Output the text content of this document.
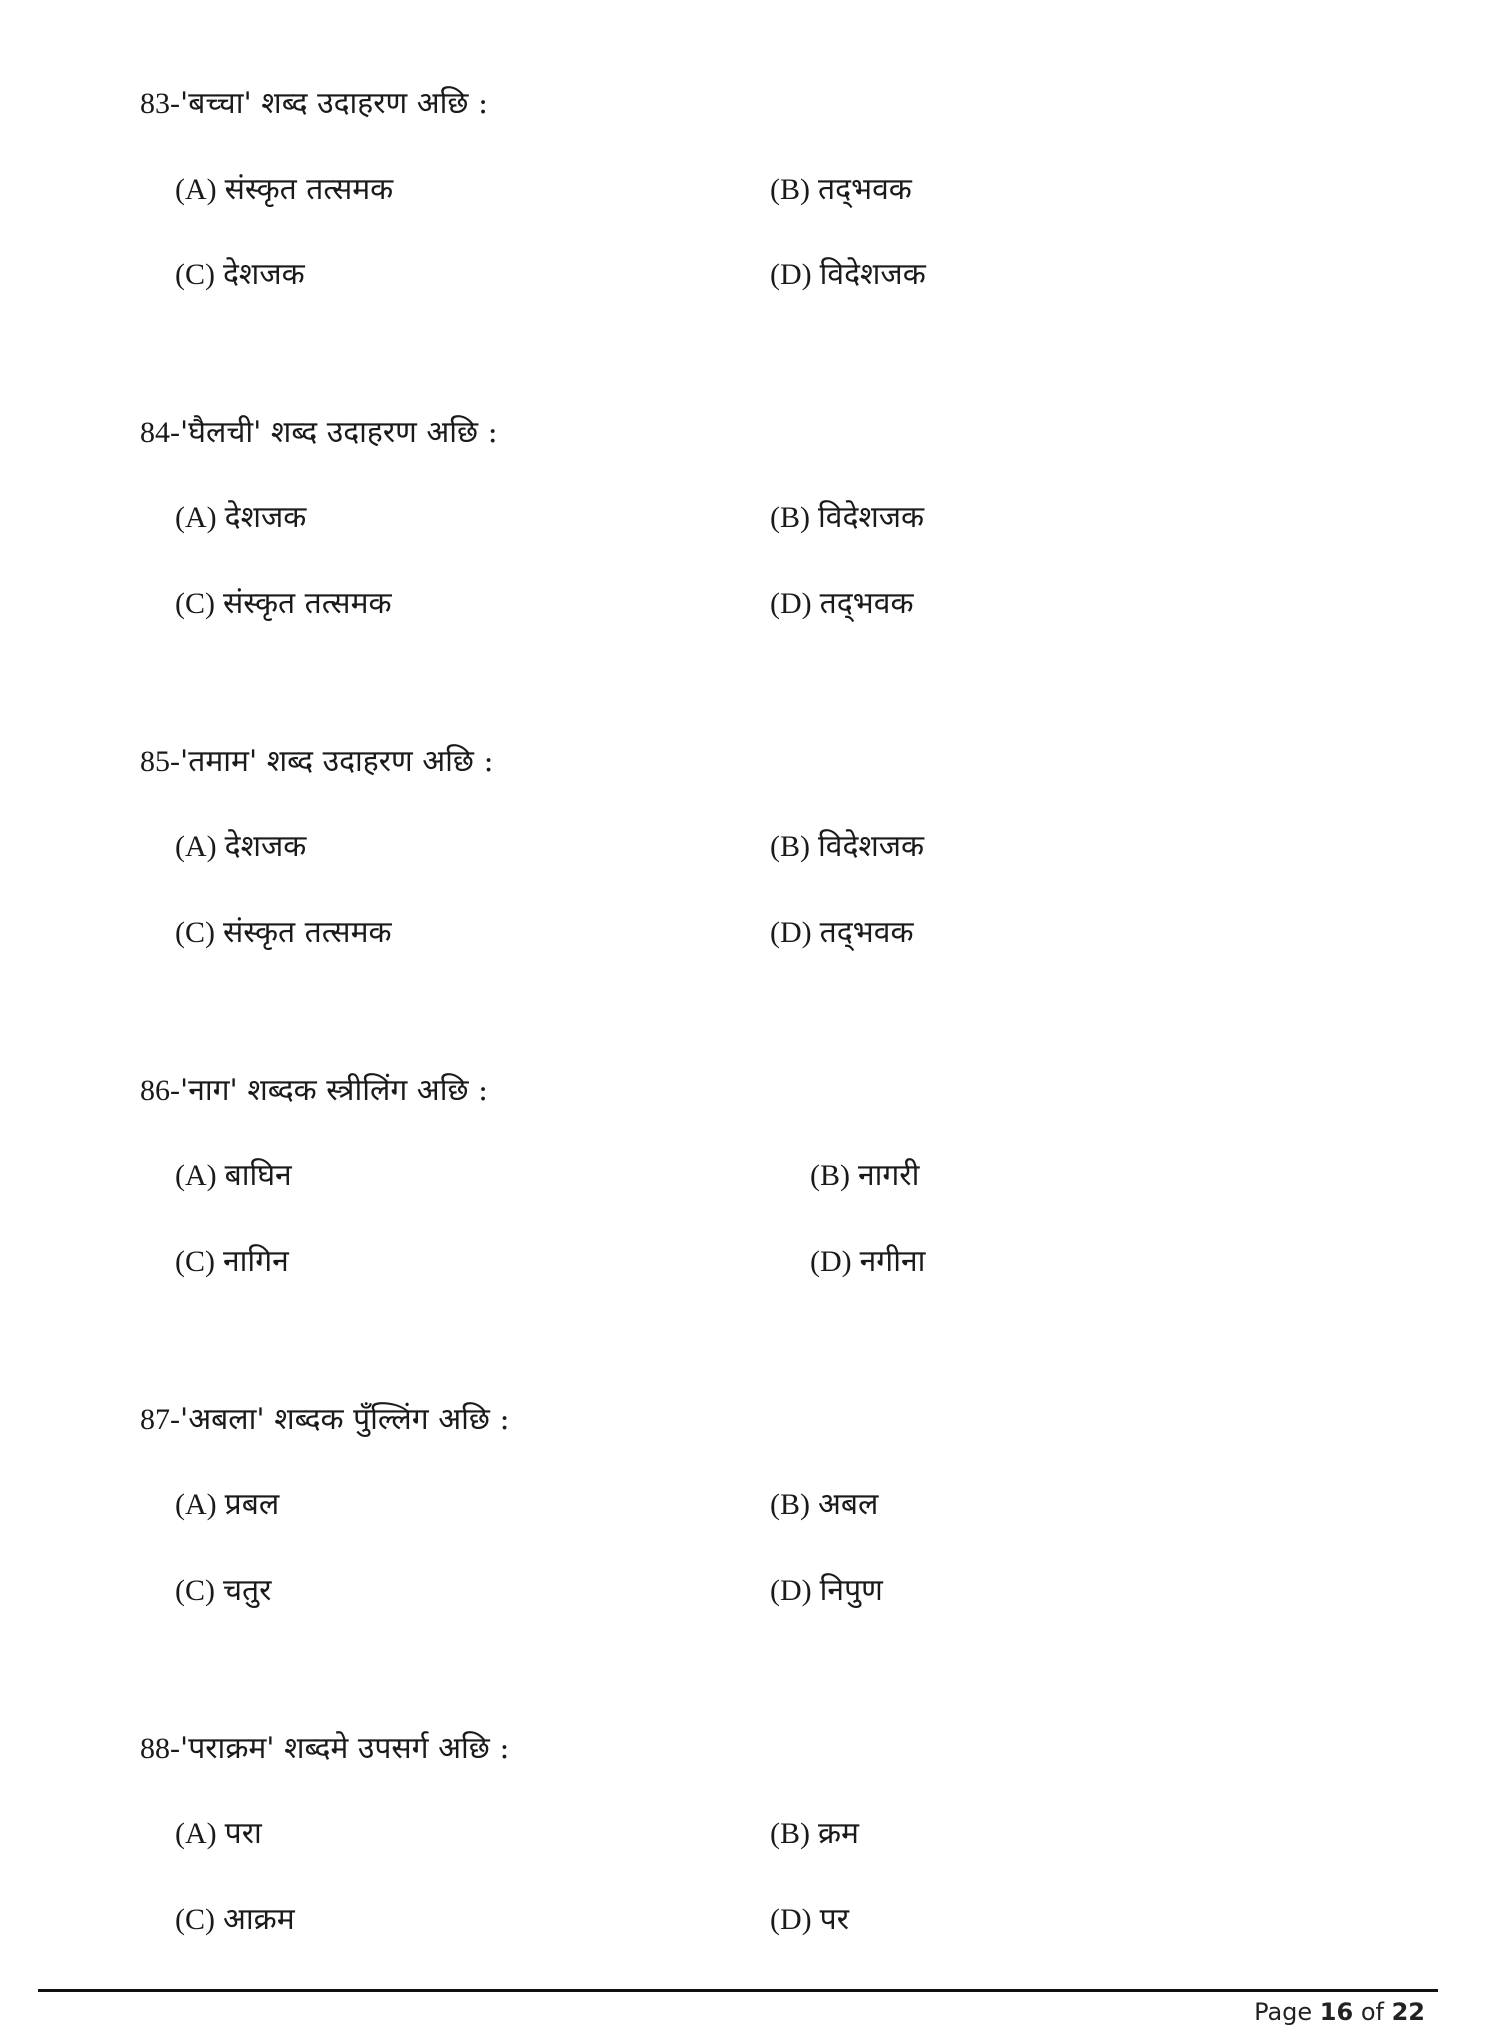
83-'बच्चा' शब्द उदाहरण अछि :
(A) संस्कृत तत्समक	(B) तद्‌भवक
(C) देशजक	(D) विदेशजक
84-'घैलची' शब्द उदाहरण अछि :
(A) देशजक	(B) विदेशजक
(C) संस्कृत तत्समक	(D) तद्‌भवक
85-'तमाम' शब्द उदाहरण अछि :
(A) देशजक	(B) विदेशजक
(C) संस्कृत तत्समक	(D) तद्‌भवक
86-'नाग' शब्दक स्त्रीलिंग अछि :
(A) बाघिन	(B) नागरी
(C) नागिन	(D) नगीना
87-'अबला' शब्दक पुँल्लिंग अछि :
(A) प्रबल	(B) अबल
(C) चतुर	(D) निपुण
88-'पराक्रम' शब्दमे उपसर्ग अछि :
(A) परा	(B) क्रम
(C) आक्रम	(D) पर
Page 16 of 22
